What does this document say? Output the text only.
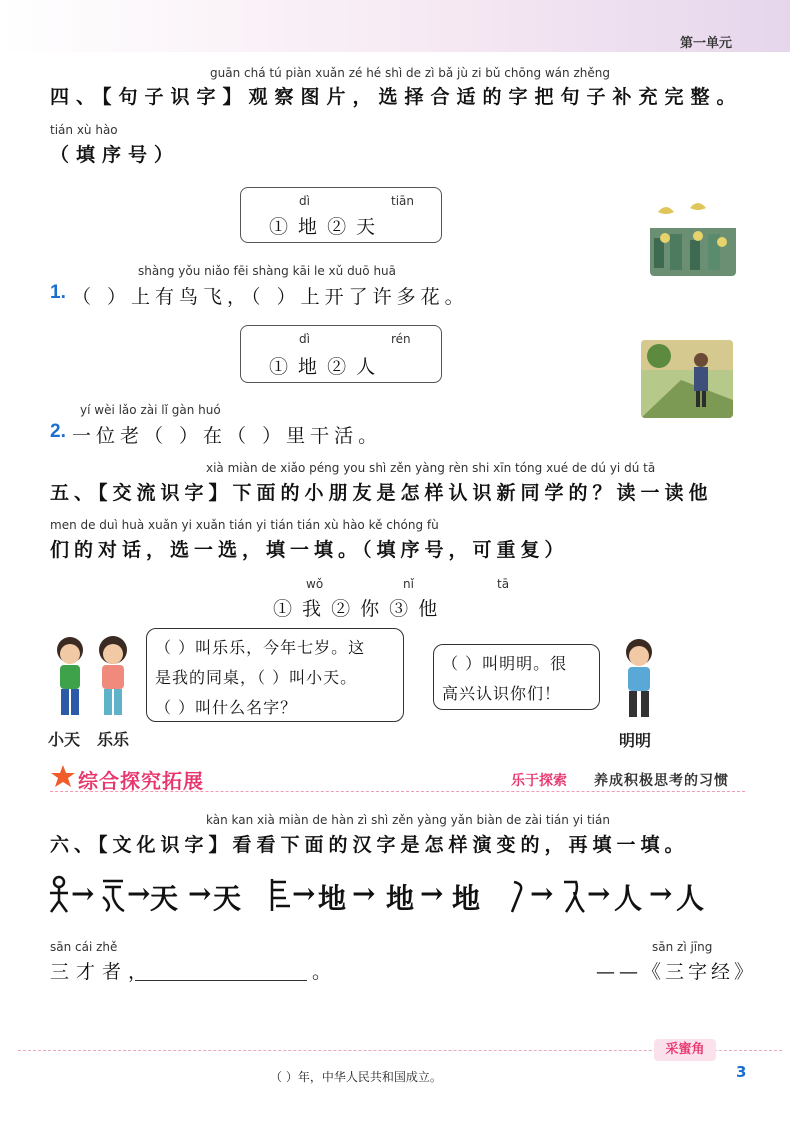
第一单元
guān chá tú piàn xuǎn zé hé shì de zì bǎ jù zi bǔ chōng wán zhěng
四、【句子识字】观察图片，选择合适的字把句子补充完整。
tián xù hào
（填序号）
dì	tiān
① 地 ② 天
shàng yǒu niǎo fēi shàng kāi le xǔ duō huā
1. （ ）上有鸟飞，（ ）上开了许多花。
dì	rén
① 地 ② 人
yí wèi lǎo zài lǐ gàn huó
2. 一位老（ ）在（ ）里干活。
xià miàn de xiǎo péng you shì zěn yàng rèn shi xīn tóng xué de dú yi dú tā
五、【交流识字】下面的小朋友是怎样认识新同学的？读一读他
men de duì huà xuǎn yi xuǎn tián yi tián tián xù hào kě chóng fù
们的对话，选一选，填一填。（填序号，可重复）
wǒ	nǐ	tā
① 我 ② 你 ③ 他
小天 乐乐
（ ）叫乐乐，今年七岁。这
是我的同桌，（ ）叫小天。
（ ）叫什么名字？
（ ）叫明明。很
高兴认识你们！
明明
综合探究拓展	乐于探索 养成积极思考的习惯
kàn kan xià miàn de hàn zì shì zěn yàng yǎn biàn de zài tián yi tián
六、【文化识字】看看下面的汉字是怎样演变的，再填一填。
→ → 天 → 天 → 地 → 地 → 地 → → 人 → 人
sān cái zhě
三才者，	。
sān zì jīng
——《三字经》
采蜜角
（ ）年，中华人民共和国成立。	3
